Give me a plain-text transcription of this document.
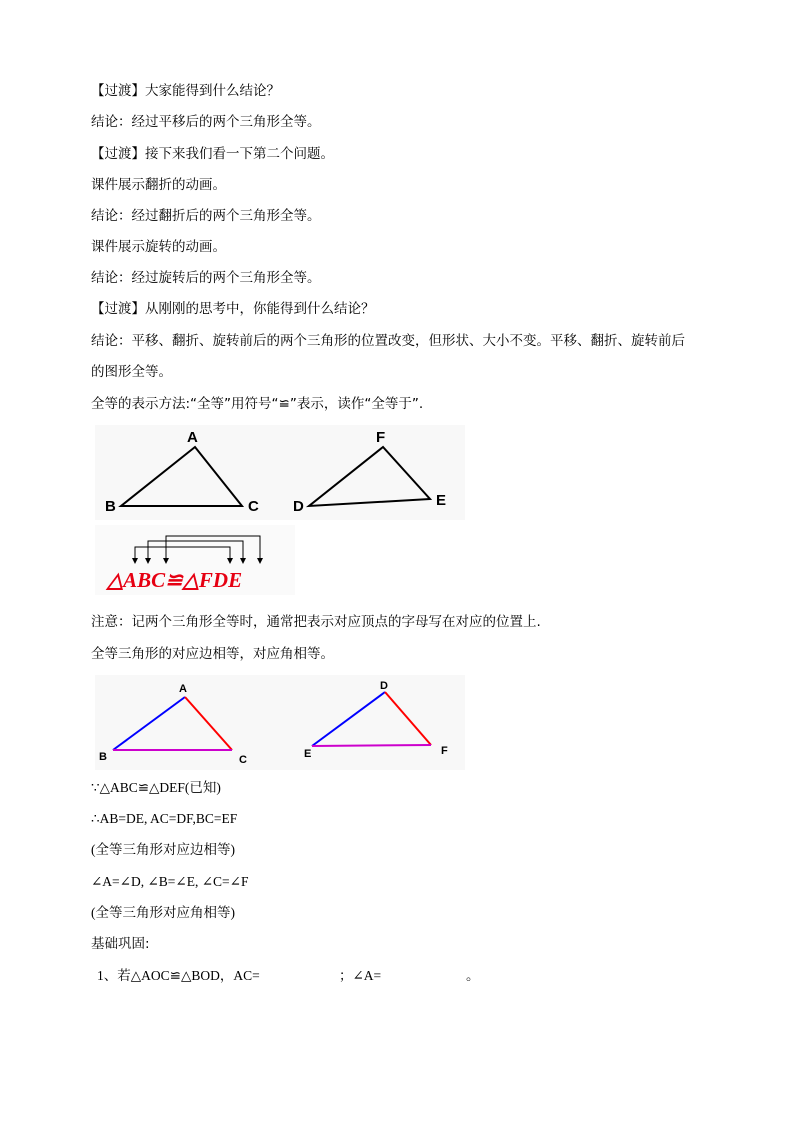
【过渡】大家能得到什么结论？
结论：经过平移后的两个三角形全等。
【过渡】接下来我们看一下第二个问题。
课件展示翻折的动画。
结论：经过翻折后的两个三角形全等。
课件展示旋转的动画。
结论：经过旋转后的两个三角形全等。
【过渡】从刚刚的思考中，你能得到什么结论？
结论：平移、翻折、旋转前后的两个三角形的位置改变，但形状、大小不变。平移、翻折、旋转前后
的图形全等。
全等的表示方法:“全等”用符号“≌”表示，读作“全等于”.
A
B	C
F
D	E
△ABC≌△FDE
注意：记两个三角形全等时，通常把表示对应顶点的字母写在对应的位置上.
全等三角形的对应边相等，对应角相等。
A
B	C
D
E	F
∵△ABC≌△DEF(已知)
∴AB=DE, AC=DF,BC=EF
(全等三角形对应边相等)
∠A=∠D, ∠B=∠E, ∠C=∠F
(全等三角形对应角相等)
基础巩固:
1、若△AOC≌△BOD，AC=	；∠A=	。
